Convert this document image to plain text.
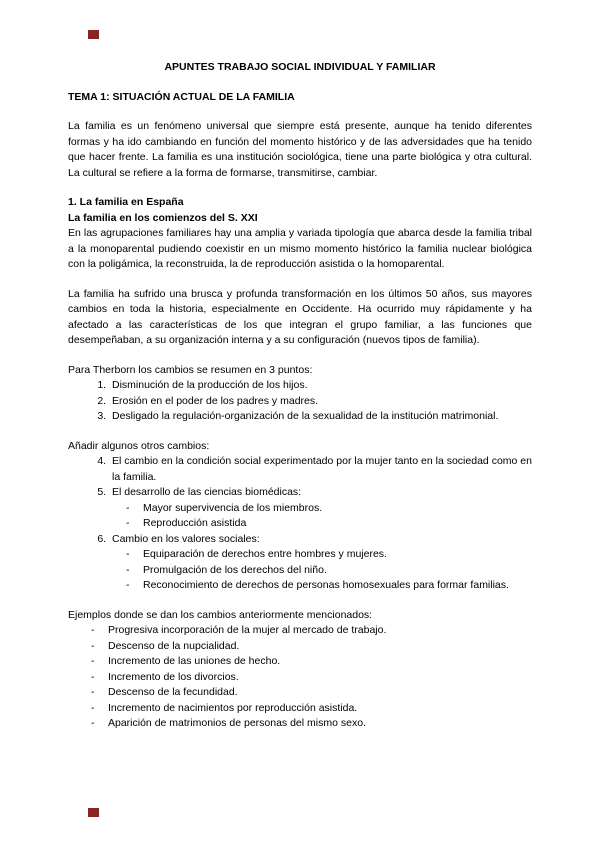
APUNTES TRABAJO SOCIAL INDIVIDUAL Y FAMILIAR
TEMA 1: SITUACIÓN ACTUAL DE LA FAMILIA

La familia es un fenómeno universal que siempre está presente, aunque ha tenido diferentes formas y ha ido cambiando en función del momento histórico y de las adversidades que ha tenido que hacer frente. La familia es una institución sociológica, tiene una parte biológica y otra cultural. La cultural se refiere a la forma de formarse, transmitirse, cambiar.

1. La familia en España
La familia en los comienzos del S. XXI

En las agrupaciones familiares hay una amplia y variada tipología que abarca desde la familia tribal a la monoparental pudiendo coexistir en un mismo momento histórico la familia nuclear biológica con la poligámica, la reconstruida, la de reproducción asistida o la homoparental.

La familia ha sufrido una brusca y profunda transformación en los últimos 50 años, sus mayores cambios en toda la historia, especialmente en Occidente. Ha ocurrido muy rápidamente y ha afectado a las características de los que integran el grupo familiar, a las funciones que desempeñaban, a su organización interna y a su configuración (nuevos tipos de familia).

Para Therborn los cambios se resumen en 3 puntos:

1. Disminución de la producción de los hijos.
2. Erosión en el poder de los padres y madres.
3. Desligado la regulación-organización de la sexualidad de la institución matrimonial.

Añadir algunos otros cambios:

4. El cambio en la condición social experimentado por la mujer tanto en la sociedad como en la familia.
5. El desarrollo de las ciencias biomédicas:
- Mayor supervivencia de los miembros.
- Reproducción asistida
6. Cambio en los valores sociales:
- Equiparación de derechos entre hombres y mujeres.
- Promulgación de los derechos del niño.
- Reconocimiento de derechos de personas homosexuales para formar familias.

Ejemplos donde se dan los cambios anteriormente mencionados:

- Progresiva incorporación de la mujer al mercado de trabajo.
- Descenso de la nupcialidad.
- Incremento de las uniones de hecho.
- Incremento de los divorcios.
- Descenso de la fecundidad.
- Incremento de nacimientos por reproducción asistida.
- Aparición de matrimonios de personas del mismo sexo.
